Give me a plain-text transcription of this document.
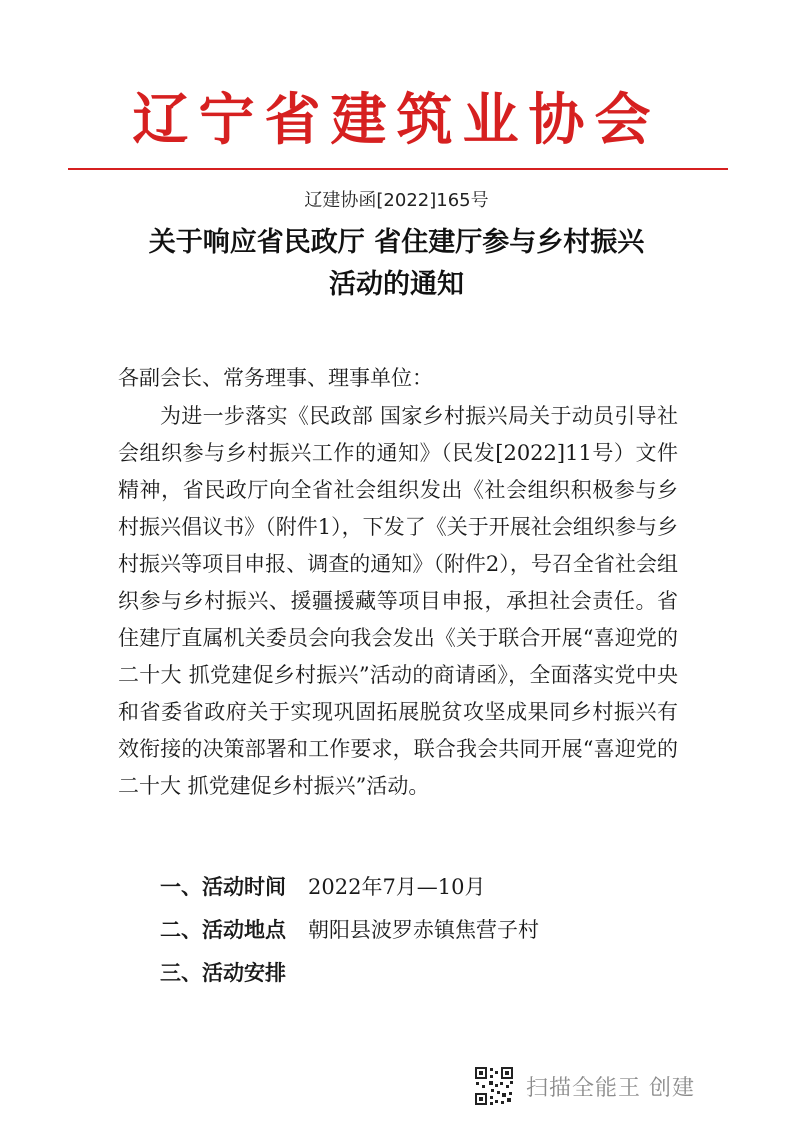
辽宁省建筑业协会
辽建协函[2022]165号
关于响应省民政厅 省住建厅参与乡村振兴
活动的通知
各副会长、常务理事、理事单位：

为进一步落实《民政部 国家乡村振兴局关于动员引导社会组织参与乡村振兴工作的通知》（民发[2022]11号）文件精神，省民政厅向全省社会组织发出《社会组织积极参与乡村振兴倡议书》（附件1），下发了《关于开展社会组织参与乡村振兴等项目申报、调查的通知》（附件2），号召全省社会组织参与乡村振兴、援疆援藏等项目申报，承担社会责任。省住建厅直属机关委员会向我会发出《关于联合开展“喜迎党的二十大 抓党建促乡村振兴”活动的商请函》，全面落实党中央和省委省政府关于实现巩固拓展脱贫攻坚成果同乡村振兴有效衔接的决策部署和工作要求，联合我会共同开展“喜迎党的二十大 抓党建促乡村振兴”活动。

一、活动时间 2022年7月—10月
二、活动地点 朝阳县波罗赤镇焦营子村
三、活动安排
扫描全能王 创建
